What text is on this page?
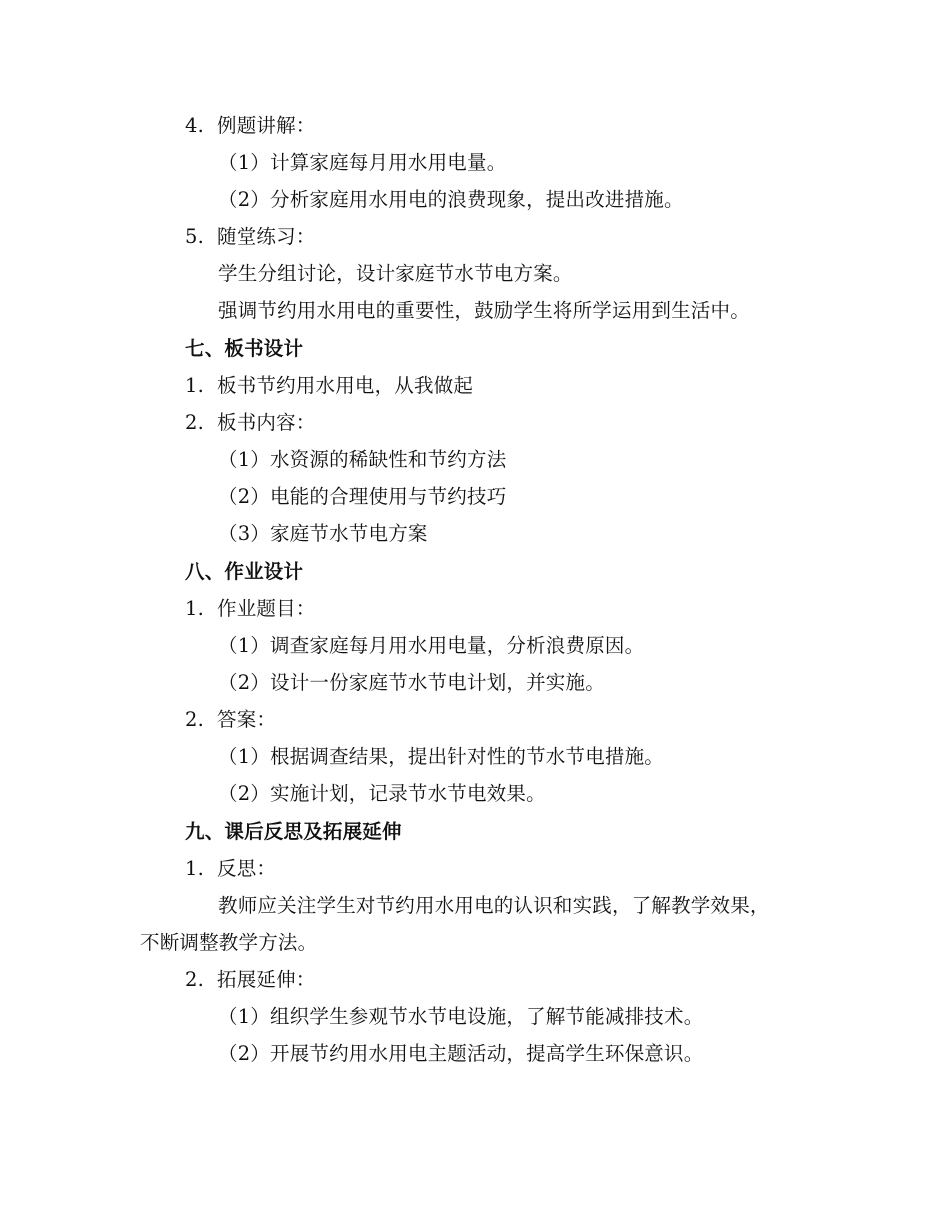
4. 例题讲解：
（1）计算家庭每月用水用电量。
（2）分析家庭用水用电的浪费现象，提出改进措施。
5. 随堂练习：
学生分组讨论，设计家庭节水节电方案。
强调节约用水用电的重要性，鼓励学生将所学运用到生活中。
七、板书设计
1. 板书节约用水用电，从我做起
2. 板书内容：
（1）水资源的稀缺性和节约方法
（2）电能的合理使用与节约技巧
（3）家庭节水节电方案
八、作业设计
1. 作业题目：
（1）调查家庭每月用水用电量，分析浪费原因。
（2）设计一份家庭节水节电计划，并实施。
2. 答案：
（1）根据调查结果，提出针对性的节水节电措施。
（2）实施计划，记录节水节电效果。
九、课后反思及拓展延伸
1. 反思：
教师应关注学生对节约用水用电的认识和实践，了解教学效果，
不断调整教学方法。
2. 拓展延伸：
（1）组织学生参观节水节电设施，了解节能减排技术。
（2）开展节约用水用电主题活动，提高学生环保意识。
